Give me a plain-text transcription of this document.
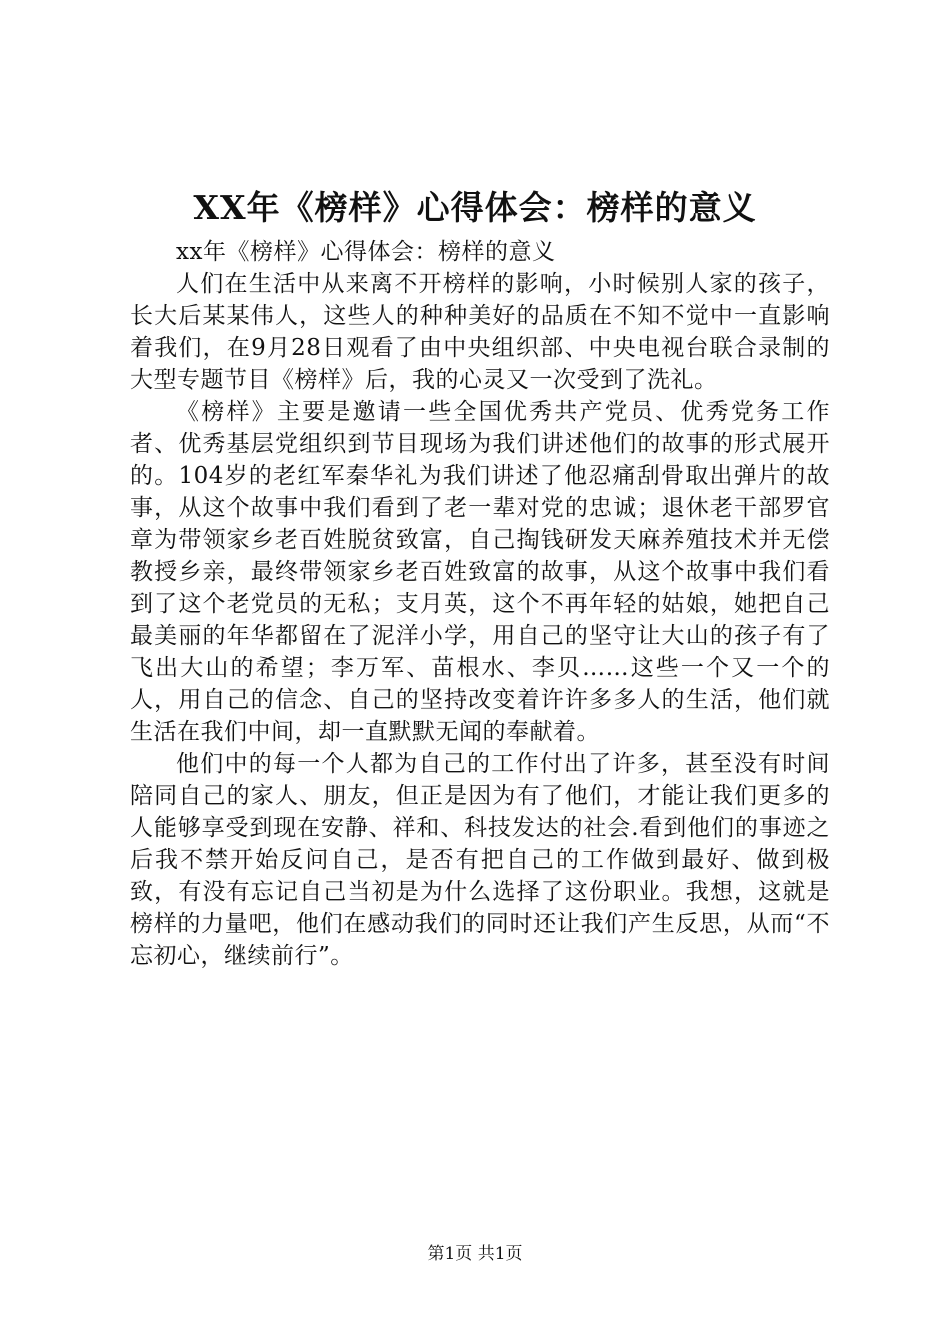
XX年《榜样》心得体会：榜样的意义

xx年《榜样》心得体会：榜样的意义

人们在生活中从来离不开榜样的影响，小时候别人家的孩子，长大后某某伟人，这些人的种种美好的品质在不知不觉中一直影响着我们，在9月28日观看了由中央组织部、中央电视台联合录制的大型专题节目《榜样》后，我的心灵又一次受到了洗礼。

《榜样》主要是邀请一些全国优秀共产党员、优秀党务工作者、优秀基层党组织到节目现场为我们讲述他们的故事的形式展开的。104岁的老红军秦华礼为我们讲述了他忍痛刮骨取出弹片的故事，从这个故事中我们看到了老一辈对党的忠诚；退休老干部罗官章为带领家乡老百姓脱贫致富，自己掏钱研发天麻养殖技术并无偿教授乡亲，最终带领家乡老百姓致富的故事，从这个故事中我们看到了这个老党员的无私；支月英，这个不再年轻的姑娘，她把自己最美丽的年华都留在了泥洋小学，用自己的坚守让大山的孩子有了飞出大山的希望；李万军、苗根水、李贝……这些一个又一个的人，用自己的信念、自己的坚持改变着许许多多人的生活，他们就生活在我们中间，却一直默默无闻的奉献着。

他们中的每一个人都为自己的工作付出了许多，甚至没有时间陪同自己的家人、朋友，但正是因为有了他们，才能让我们更多的人能够享受到现在安静、祥和、科技发达的社会.看到他们的事迹之后我不禁开始反问自己，是否有把自己的工作做到最好、做到极致，有没有忘记自己当初是为什么选择了这份职业。我想，这就是榜样的力量吧，他们在感动我们的同时还让我们产生反思，从而“不忘初心，继续前行”。

第1页 共1页
